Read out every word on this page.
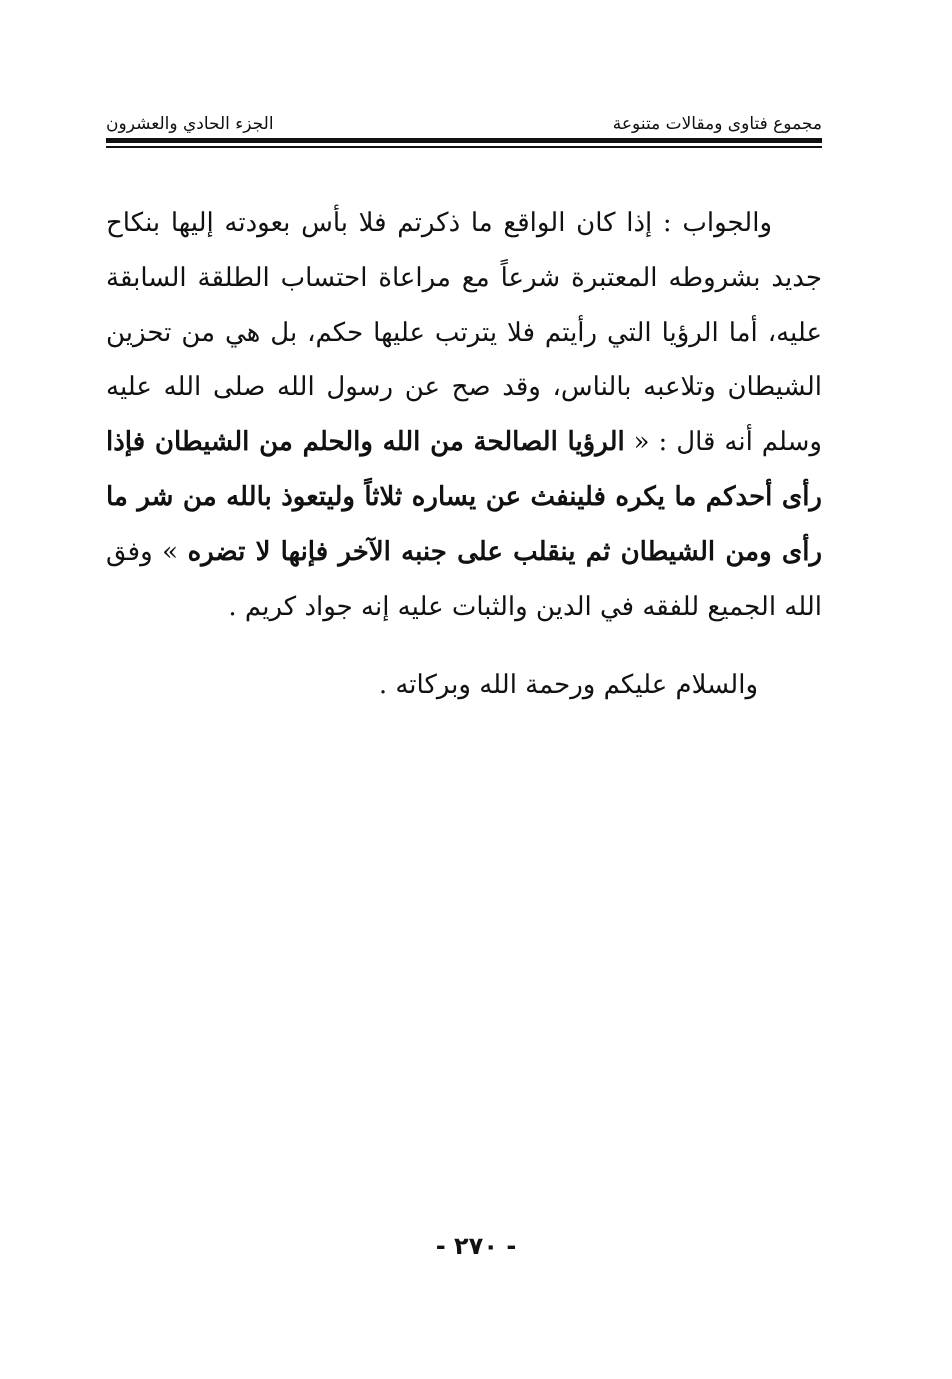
مجموع فتاوى ومقالات متنوعة
الجزء الحادي والعشرون

والجواب : إذا كان الواقع ما ذكرتم فلا بأس بعودته إليها بنكاح جديد بشروطه المعتبرة شرعاً مع مراعاة احتساب الطلقة السابقة عليه، أما الرؤيا التي رأيتم فلا يترتب عليها حكم، بل هي من تحزين الشيطان وتلاعبه بالناس، وقد صح عن رسول الله صلى الله عليه وسلم أنه قال : « الرؤيا الصالحة من الله والحلم من الشيطان فإذا رأى أحدكم ما يكره فلينفث عن يساره ثلاثاً وليتعوذ بالله من شر ما رأى ومن الشيطان ثم ينقلب على جنبه الآخر فإنها لا تضره » وفق الله الجميع للفقه في الدين والثبات عليه إنه جواد كريم .

والسلام عليكم ورحمة الله وبركاته .

- ٢٧٠ -
